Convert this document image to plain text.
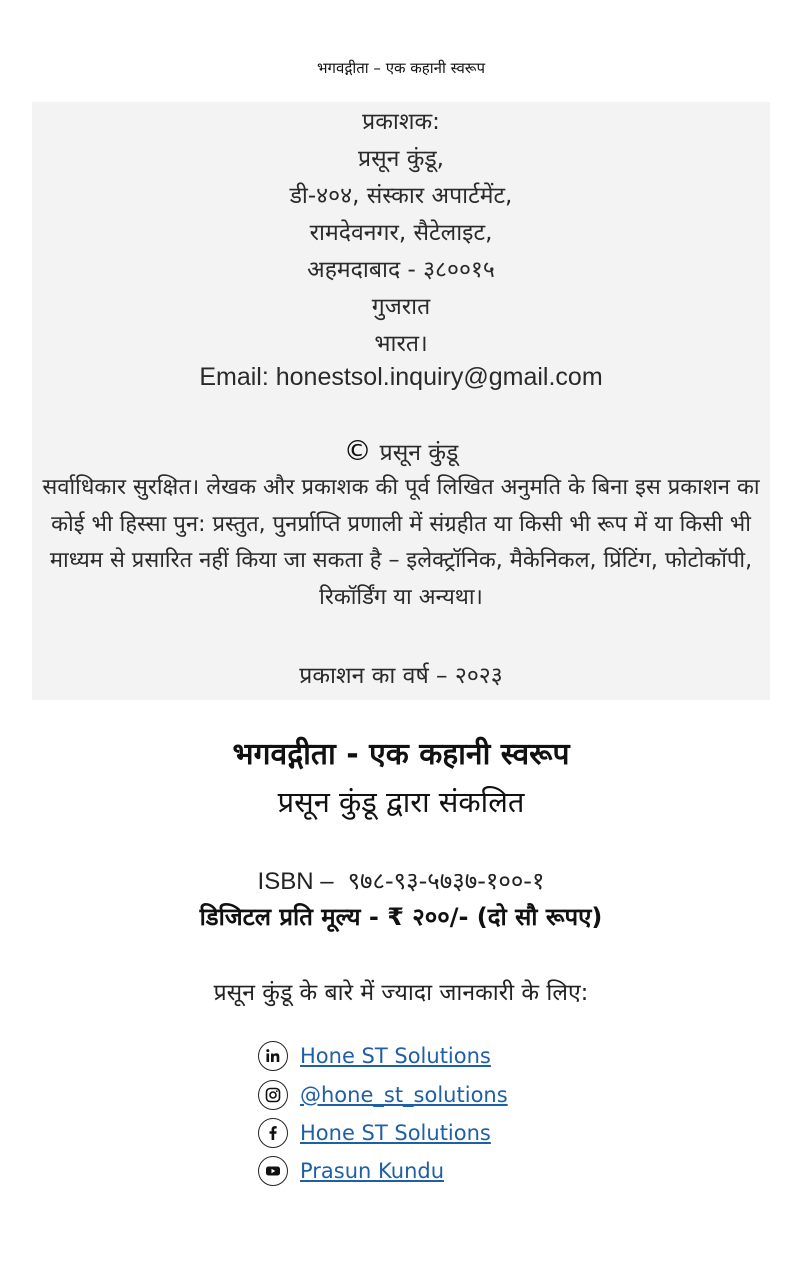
भगवद्गीता – एक कहानी स्वरूप
प्रकाशक:
प्रसून कुंडू,
डी-४०४, संस्कार अपार्टमेंट,
रामदेवनगर, सैटेलाइट,
अहमदाबाद - ३८००१५
गुजरात
भारत।
Email: honestsol.inquiry@gmail.com
© प्रसून कुंडू
सर्वाधिकार सुरक्षित। लेखक और प्रकाशक की पूर्व लिखित अनुमति के बिना इस प्रकाशन का कोई भी हिस्सा पुन: प्रस्तुत, पुनर्प्राप्ति प्रणाली में संग्रहीत या किसी भी रूप में या किसी भी माध्यम से प्रसारित नहीं किया जा सकता है – इलेक्ट्रॉनिक, मैकेनिकल, प्रिंटिंग, फोटोकॉपी, रिकॉर्डिंग या अन्यथा।
प्रकाशन का वर्ष – २०२३
भगवद्गीता - एक कहानी स्वरूप
प्रसून कुंडू द्वारा संकलित
ISBN – ९७८-९३-५७३७-१००-१
डिजिटल प्रति मूल्य - ₹ २००/- (दो सौ रूपए)
प्रसून कुंडू के बारे में ज्यादा जानकारी के लिए:
Hone ST Solutions
@hone_st_solutions
Hone ST Solutions
Prasun Kundu
